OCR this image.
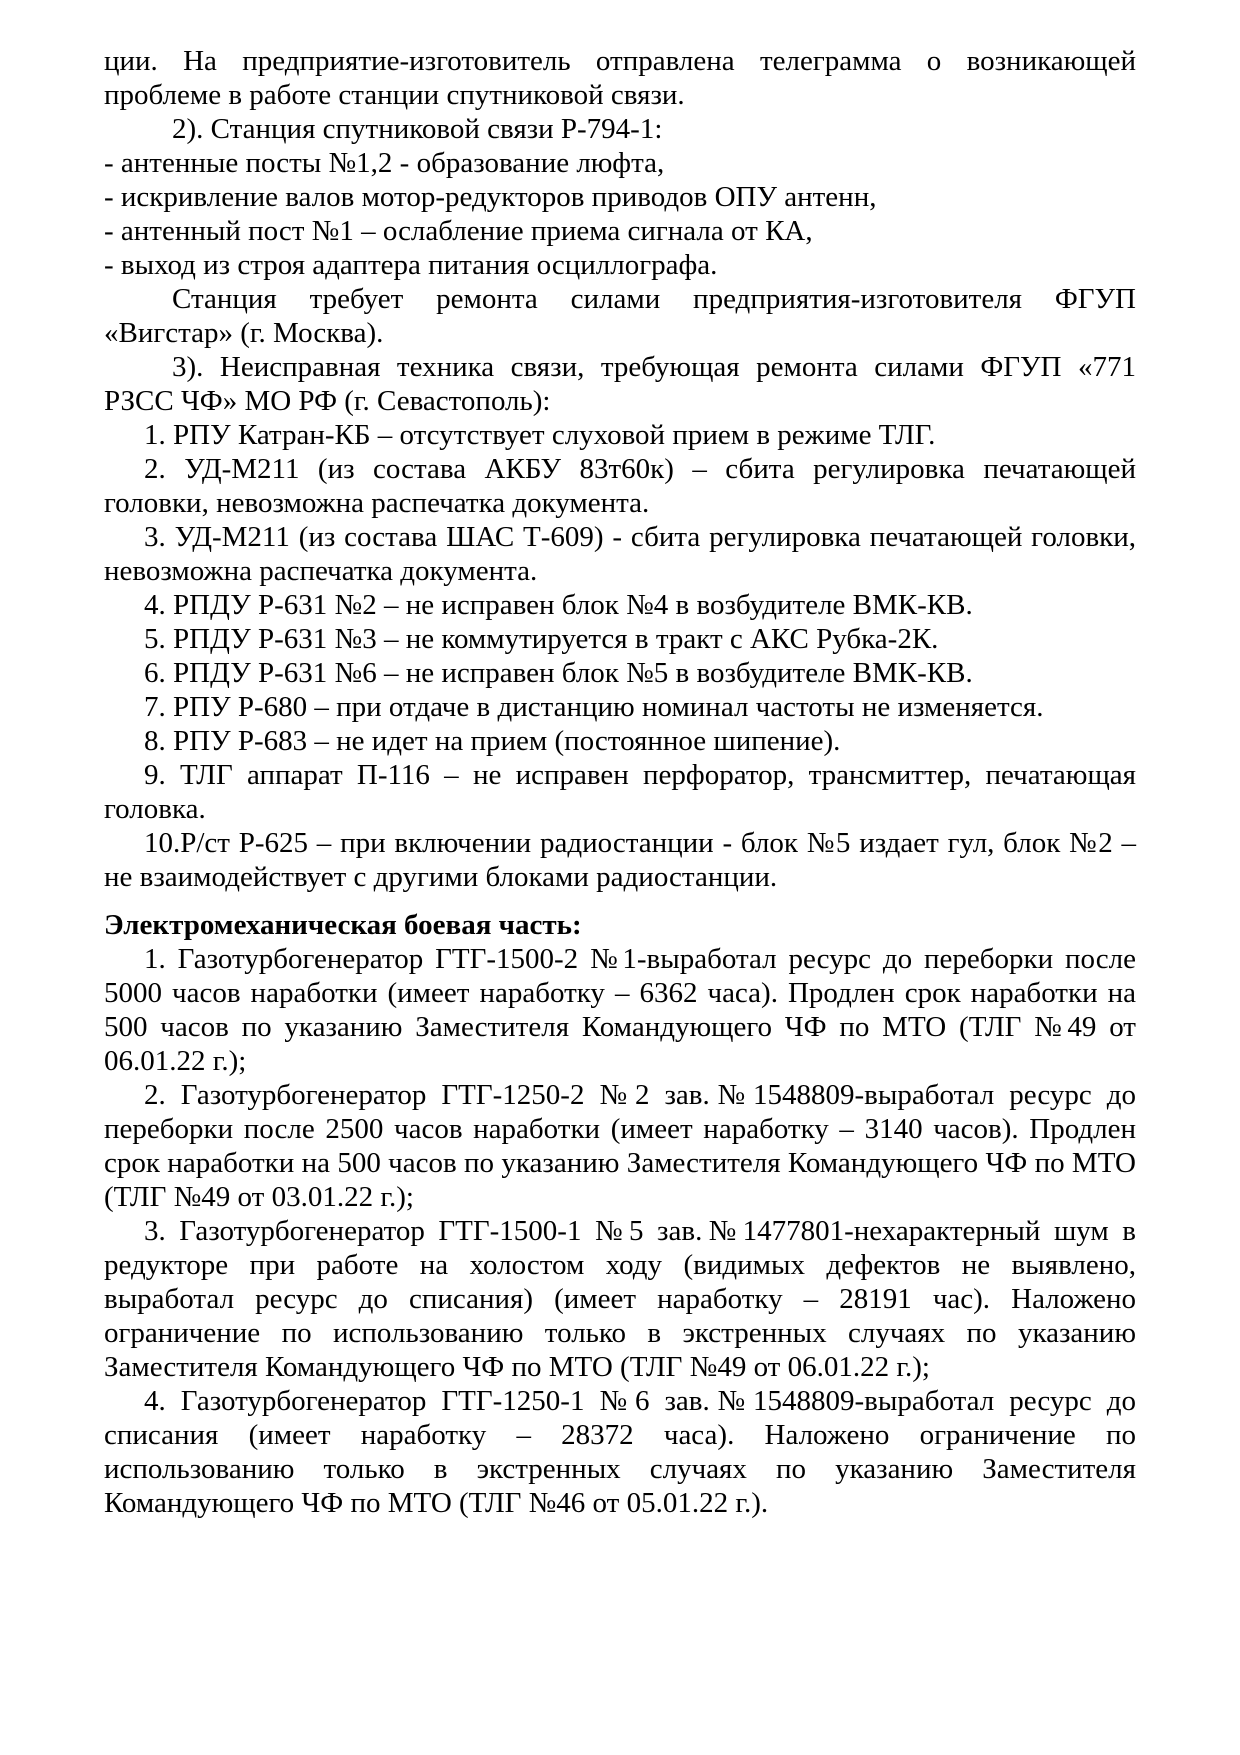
ции. На предприятие-изготовитель отправлена телеграмма о возникающей проблеме в работе станции спутниковой связи.

2). Станция спутниковой связи Р-794-1:

- антенные посты №1,2 - образование люфта,

- искривление валов мотор-редукторов приводов ОПУ антенн,

- антенный пост №1 – ослабление приема сигнала от КА,

- выход из строя адаптера питания осциллографа.

Станция требует ремонта силами предприятия-изготовителя ФГУП «Вигстар» (г. Москва).

3). Неисправная техника связи, требующая ремонта силами ФГУП «771 РЗСС ЧФ» МО РФ (г. Севастополь):

1. РПУ Катран-КБ – отсутствует слуховой прием в режиме ТЛГ.

2. УД-М211 (из состава АКБУ 83т60к) – сбита регулировка печатающей головки, невозможна распечатка документа.

3. УД-М211 (из состава ШАС Т-609) - сбита регулировка печатающей головки, невозможна распечатка документа.

4. РПДУ Р-631 №2 – не исправен блок №4 в возбудителе ВМК-КВ.

5. РПДУ Р-631 №3 – не коммутируется в тракт с АКС Рубка-2К.

6. РПДУ Р-631 №6 – не исправен блок №5 в возбудителе ВМК-КВ.

7. РПУ Р-680 – при отдаче в дистанцию номинал частоты не изменяется.

8. РПУ Р-683 – не идет на прием (постоянное шипение).

9. ТЛГ аппарат П-116 – не исправен перфоратор, трансмиттер, печатающая головка.

10.Р/ст Р-625 – при включении радиостанции - блок №5 издает гул, блок №2 – не взаимодействует с другими блоками радиостанции.

Электромеханическая боевая часть:

1. Газотурбогенератор ГТГ-1500-2 №1-выработал ресурс до переборки после 5000 часов наработки (имеет наработку – 6362 часа). Продлен срок наработки на 500 часов по указанию Заместителя Командующего ЧФ по МТО (ТЛГ №49 от 06.01.22 г.);

2. Газотурбогенератор ГТГ-1250-2 №2 зав.№1548809-выработал ресурс до переборки после 2500 часов наработки (имеет наработку – 3140 часов). Продлен срок наработки на 500 часов по указанию Заместителя Командующего ЧФ по МТО (ТЛГ №49 от 03.01.22 г.);

3. Газотурбогенератор ГТГ-1500-1 №5 зав.№1477801-нехарактерный шум в редукторе при работе на холостом ходу (видимых дефектов не выявлено, выработал ресурс до списания) (имеет наработку – 28191 час). Наложено ограничение по использованию только в экстренных случаях по указанию Заместителя Командующего ЧФ по МТО (ТЛГ №49 от 06.01.22 г.);

4. Газотурбогенератор ГТГ-1250-1 №6 зав.№1548809-выработал ресурс до списания (имеет наработку – 28372 часа). Наложено ограничение по использованию только в экстренных случаях по указанию Заместителя Командующего ЧФ по МТО (ТЛГ №46 от 05.01.22 г.).
